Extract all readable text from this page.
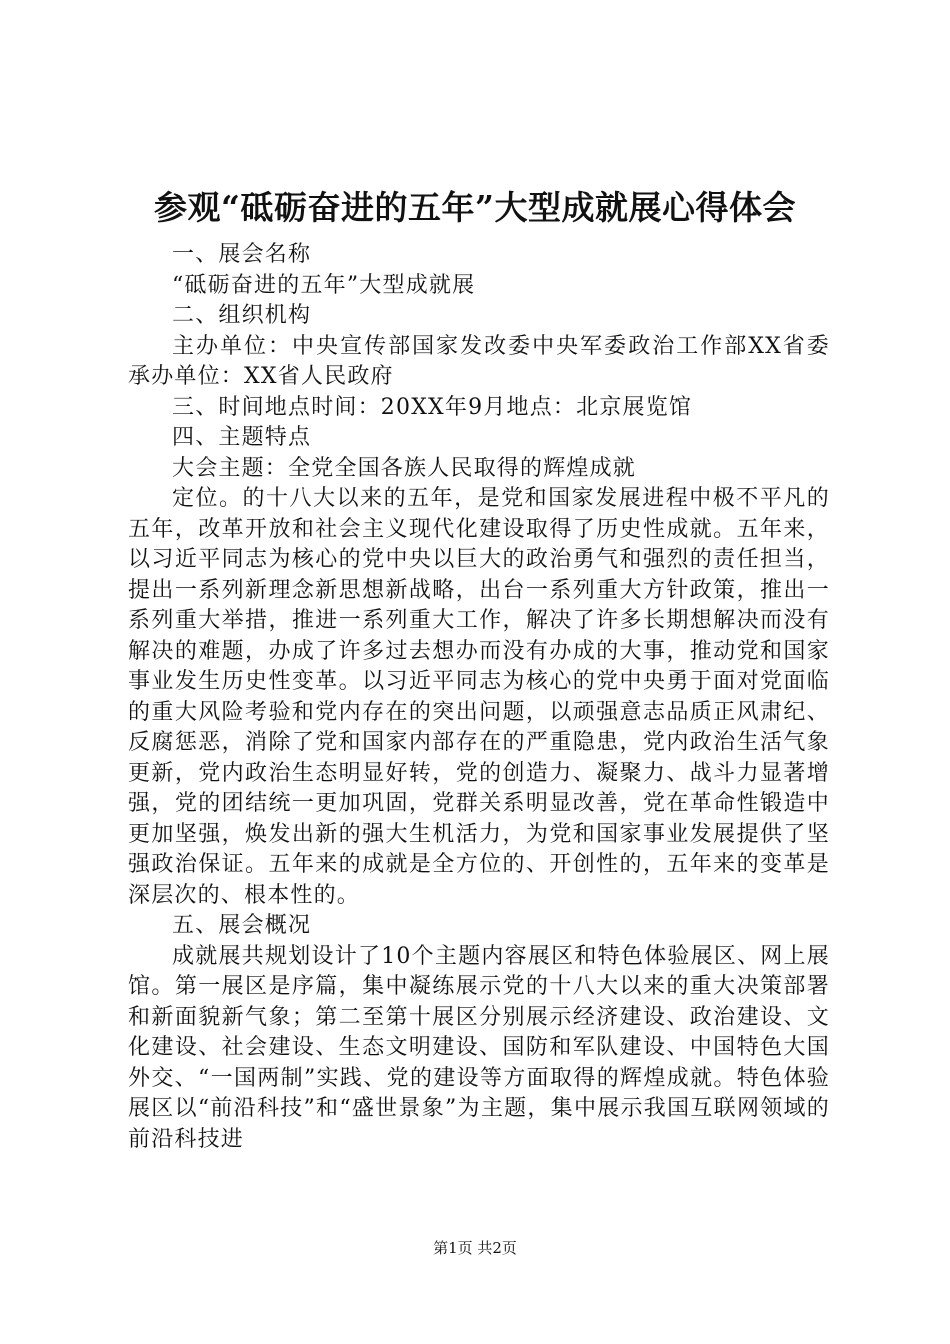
参观“砥砺奋进的五年”大型成就展心得体会

一、展会名称

“砥砺奋进的五年”大型成就展

二、组织机构

主办单位：中央宣传部国家发改委中央军委政治工作部XX省委承办单位：XX省人民政府

三、时间地点时间：20XX年9月地点：北京展览馆

四、主题特点

大会主题：全党全国各族人民取得的辉煌成就

定位。的十八大以来的五年，是党和国家发展进程中极不平凡的五年，改革开放和社会主义现代化建设取得了历史性成就。五年来，以习近平同志为核心的党中央以巨大的政治勇气和强烈的责任担当，提出一系列新理念新思想新战略，出台一系列重大方针政策，推出一系列重大举措，推进一系列重大工作，解决了许多长期想解决而没有解决的难题，办成了许多过去想办而没有办成的大事，推动党和国家事业发生历史性变革。以习近平同志为核心的党中央勇于面对党面临的重大风险考验和党内存在的突出问题，以顽强意志品质正风肃纪、反腐惩恶，消除了党和国家内部存在的严重隐患，党内政治生活气象更新，党内政治生态明显好转，党的创造力、凝聚力、战斗力显著增强，党的团结统一更加巩固，党群关系明显改善，党在革命性锻造中更加坚强，焕发出新的强大生机活力，为党和国家事业发展提供了坚强政治保证。五年来的成就是全方位的、开创性的，五年来的变革是深层次的、根本性的。

五、展会概况

成就展共规划设计了10个主题内容展区和特色体验展区、网上展馆。第一展区是序篇，集中凝练展示党的十八大以来的重大决策部署和新面貌新气象；第二至第十展区分别展示经济建设、政治建设、文化建设、社会建设、生态文明建设、国防和军队建设、中国特色大国外交、“一国两制”实践、党的建设等方面取得的辉煌成就。特色体验展区以“前沿科技”和“盛世景象”为主题，集中展示我国互联网领域的前沿科技进

第1页 共2页
